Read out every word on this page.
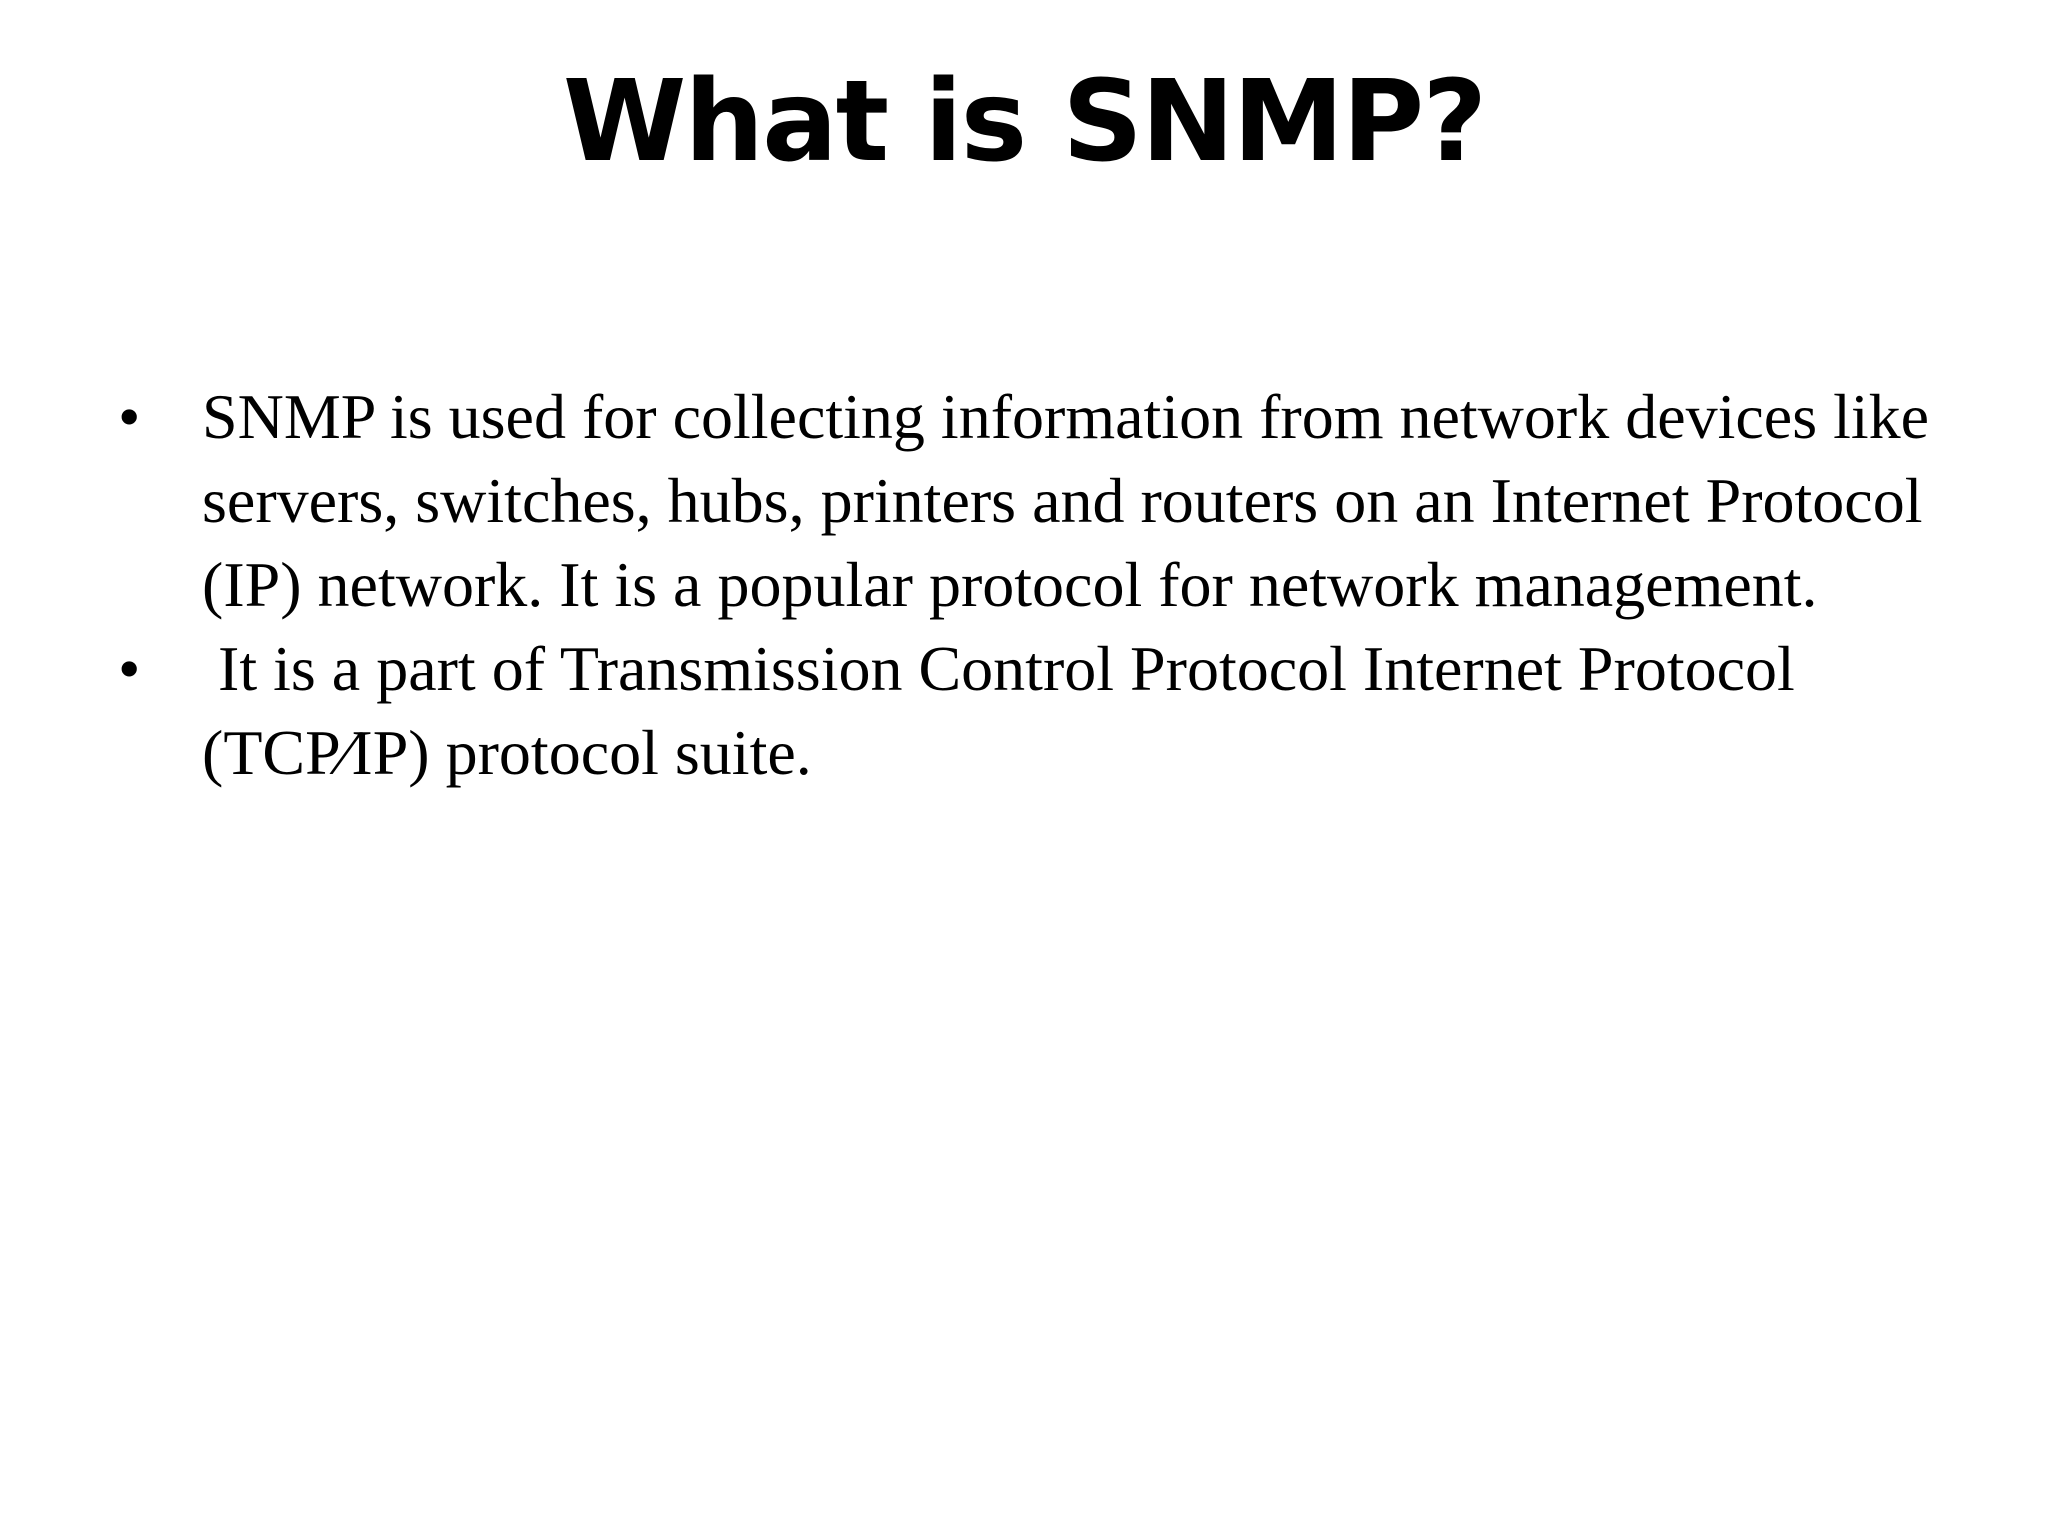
What is SNMP?
• SNMP is used for collecting information from network devices like servers, switches, hubs, printers and routers on an Internet Protocol (IP) network. It is a popular protocol for network management.
• It is a part of Transmission Control Protocol Internet Protocol (TCP⁄IP) protocol suite.
